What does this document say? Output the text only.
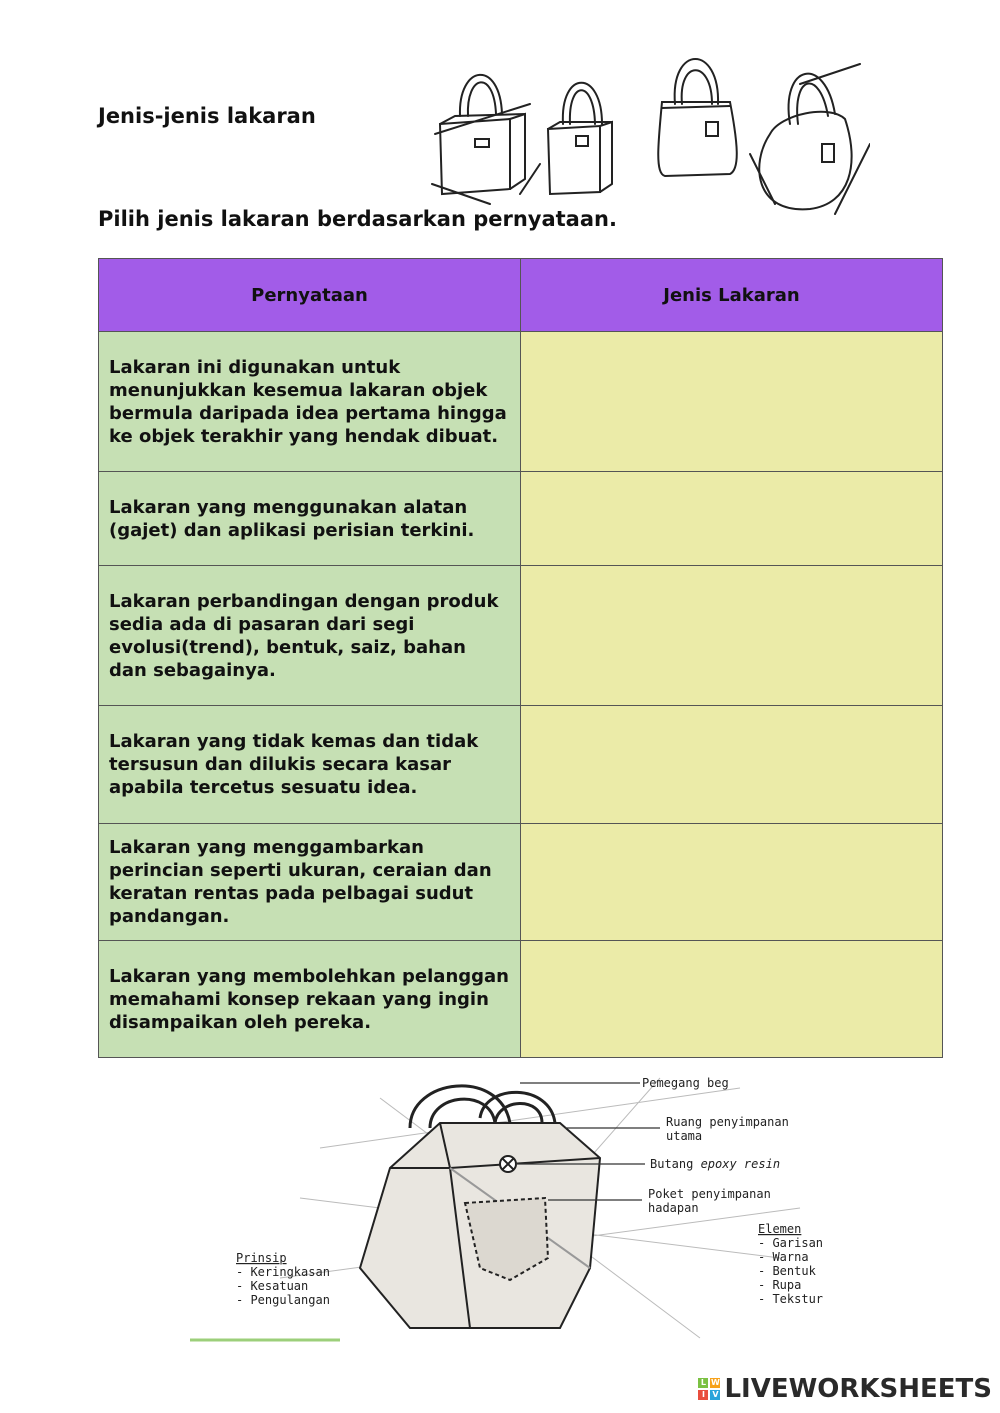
Jenis-jenis lakaran
Pilih jenis lakaran berdasarkan pernyataan.
Pernyataan	Jenis Lakaran
Lakaran ini digunakan untuk menunjukkan kesemua lakaran objek bermula daripada idea pertama hingga ke objek terakhir yang hendak dibuat.	
Lakaran yang menggunakan alatan (gajet) dan aplikasi perisian terkini.	
Lakaran perbandingan dengan produk sedia ada di pasaran dari segi evolusi(trend), bentuk, saiz, bahan dan sebagainya.	
Lakaran yang tidak kemas dan tidak tersusun dan dilukis secara kasar apabila tercetus sesuatu idea.	
Lakaran yang menggambarkan perincian seperti ukuran, ceraian dan keratan rentas pada pelbagai sudut pandangan.	
Lakaran yang membolehkan pelanggan memahami konsep rekaan yang ingin disampaikan oleh pereka.	
Pemegang beg
Ruang penyimpanan
utama
Butang epoxy resin
Poket penyimpanan
hadapan
Prinsip
- Keringkasan
- Kesatuan
- Pengulangan
Elemen
- Garisan
- Warna
- Bentuk
- Rupa
- Tekstur
L W
I V LIVEWORKSHEETS
